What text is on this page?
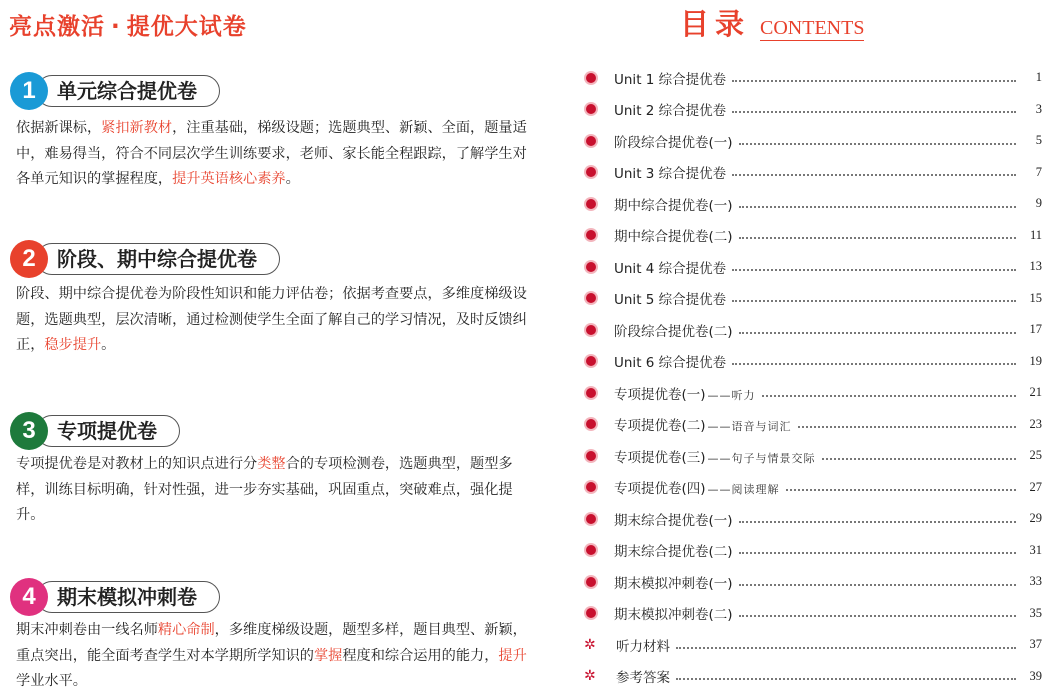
亮点激活 · 提优大试卷
单元综合提优卷
1
依据新课标，紧扣新教材，注重基础，梯级设题；选题典型、新颖、全面，题量适中，难易得当，符合不同层次学生训练要求，老师、家长能全程跟踪，了解学生对各单元知识的掌握程度，提升英语核心素养。
阶段、期中综合提优卷
2
阶段、期中综合提优卷为阶段性知识和能力评估卷；依据考查要点，多维度梯级设题，选题典型，层次清晰，通过检测使学生全面了解自己的学习情况，及时反馈纠正，稳步提升。
专项提优卷
3
专项提优卷是对教材上的知识点进行分类整合的专项检测卷，选题典型，题型多样，训练目标明确，针对性强，进一步夯实基础，巩固重点，突破难点，强化提升。
期末模拟冲刺卷
4
期末冲刺卷由一线名师精心命制，多维度梯级设题，题型多样，题目典型、新颖，重点突出，能全面考查学生对本学期所学知识的掌握程度和综合运用的能力，提升学业水平。
目录 CONTENTS
Unit 1 综合提优卷	1
Unit 2 综合提优卷	3
阶段综合提优卷(一)	5
Unit 3 综合提优卷	7
期中综合提优卷(一)	9
期中综合提优卷(二)	11
Unit 4 综合提优卷	13
Unit 5 综合提优卷	15
阶段综合提优卷(二)	17
Unit 6 综合提优卷	19
专项提优卷(一) ——听力	21
专项提优卷(二) ——语音与词汇	23
专项提优卷(三) ——句子与情景交际	25
专项提优卷(四) ——阅读理解	27
期末综合提优卷(一)	29
期末综合提优卷(二)	31
期末模拟冲刺卷(一)	33
期末模拟冲刺卷(二)	35
✲ 听力材料	37
✲ 参考答案	39
